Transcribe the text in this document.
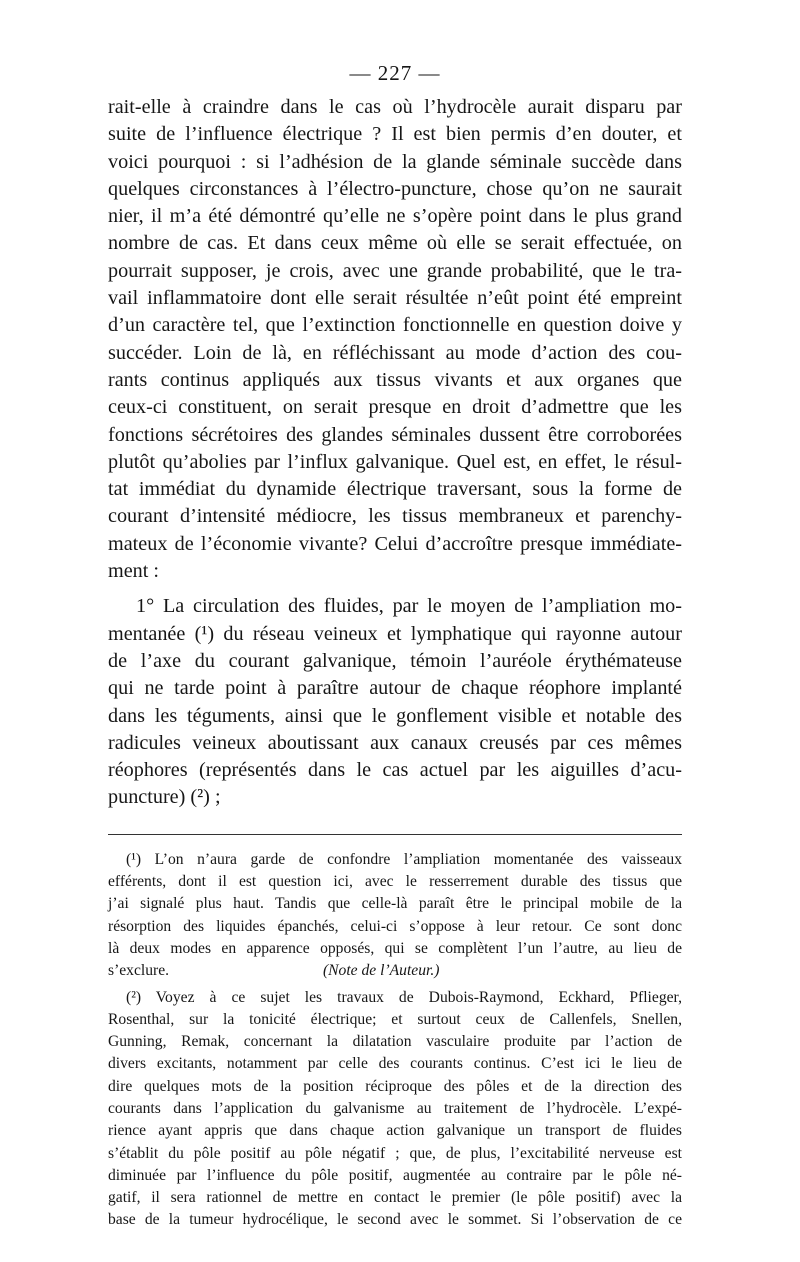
— 227 —

rait-elle à craindre dans le cas où l’hydrocèle aurait disparu par

suite de l’influence électrique ? Il est bien permis d’en douter, et

voici pourquoi : si l’adhésion de la glande séminale succède dans

quelques circonstances à l’électro-puncture, chose qu’on ne saurait

nier, il m’a été démontré qu’elle ne s’opère point dans le plus grand

nombre de cas. Et dans ceux même où elle se serait effectuée, on

pourrait supposer, je crois, avec une grande probabilité, que le tra-

vail inflammatoire dont elle serait résultée n’eût point été empreint

d’un caractère tel, que l’extinction fonctionnelle en question doive y

succéder. Loin de là, en réfléchissant au mode d’action des cou-

rants continus appliqués aux tissus vivants et aux organes que

ceux-ci constituent, on serait presque en droit d’admettre que les

fonctions sécrétoires des glandes séminales dussent être corroborées

plutôt qu’abolies par l’influx galvanique. Quel est, en effet, le résul-

tat immédiat du dynamide électrique traversant, sous la forme de

courant d’intensité médiocre, les tissus membraneux et parenchy-

mateux de l’économie vivante? Celui d’accroître presque immédiate-

ment :

1° La circulation des fluides, par le moyen de l’ampliation mo-

mentanée (¹) du réseau veineux et lymphatique qui rayonne autour

de l’axe du courant galvanique, témoin l’auréole érythémateuse

qui ne tarde point à paraître autour de chaque réophore implanté

dans les téguments, ainsi que le gonflement visible et notable des

radicules veineux aboutissant aux canaux creusés par ces mêmes

réophores (représentés dans le cas actuel par les aiguilles d’acu-

puncture) (²) ;

(¹) L’on n’aura garde de confondre l’ampliation momentanée des vaisseaux

efférents, dont il est question ici, avec le resserrement durable des tissus que

j’ai signalé plus haut. Tandis que celle-là paraît être le principal mobile de la

résorption des liquides épanchés, celui-ci s’oppose à leur retour. Ce sont donc

là deux modes en apparence opposés, qui se complètent l’un l’autre, au lieu de

s’exclure.	(Note de l’Auteur.)

(²) Voyez à ce sujet les travaux de Dubois-Raymond, Eckhard, Pflieger,

Rosenthal, sur la tonicité électrique; et surtout ceux de Callenfels, Snellen,

Gunning, Remak, concernant la dilatation vasculaire produite par l’action de

divers excitants, notamment par celle des courants continus. C’est ici le lieu de

dire quelques mots de la position réciproque des pôles et de la direction des

courants dans l’application du galvanisme au traitement de l’hydrocèle. L’expé-

rience ayant appris que dans chaque action galvanique un transport de fluides

s’établit du pôle positif au pôle négatif ; que, de plus, l’excitabilité nerveuse est

diminuée par l’influence du pôle positif, augmentée au contraire par le pôle né-

gatif, il sera rationnel de mettre en contact le premier (le pôle positif) avec la

base de la tumeur hydrocélique, le second avec le sommet. Si l’observation de ce
